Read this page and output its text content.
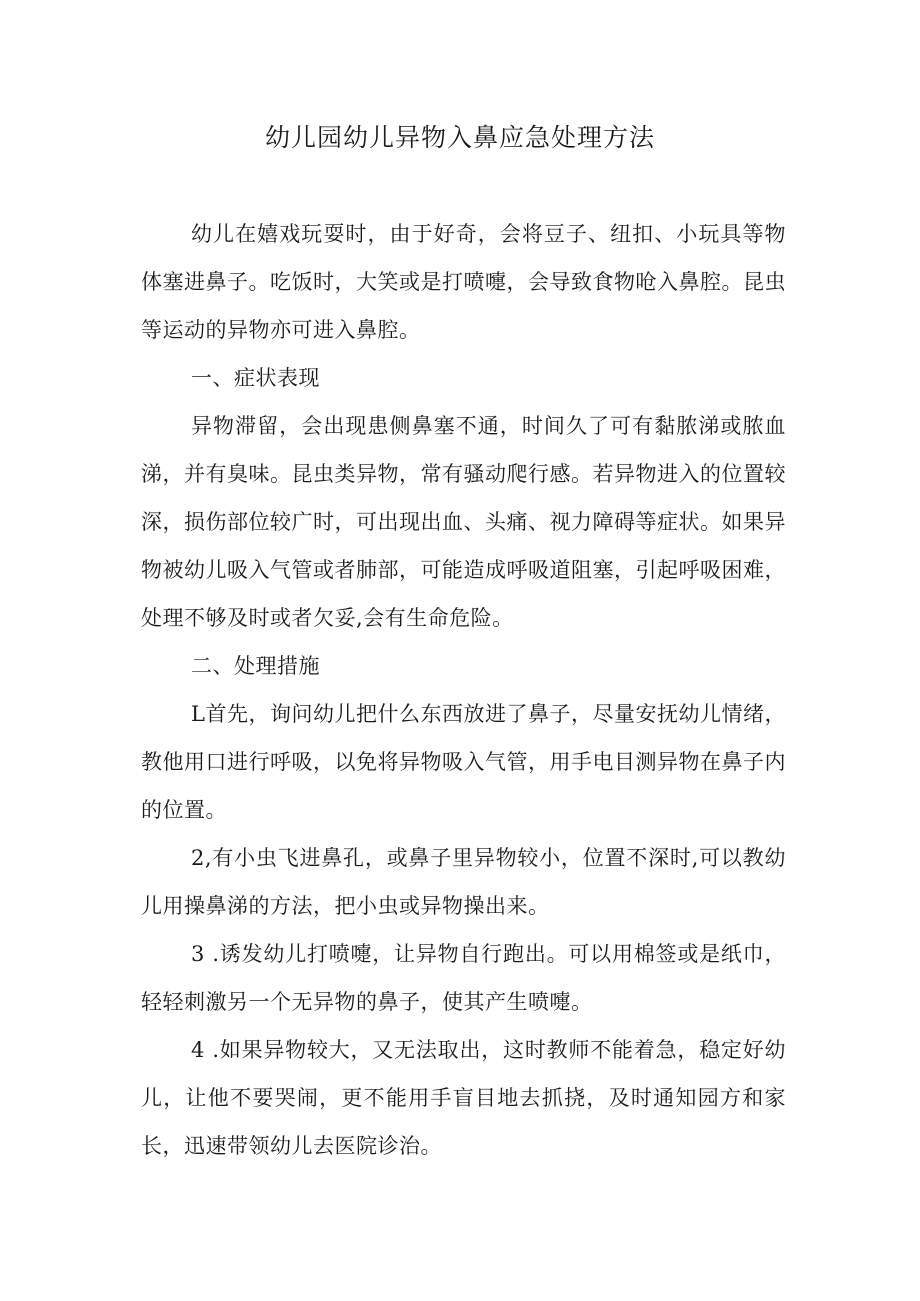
幼儿园幼儿异物入鼻应急处理方法

幼儿在嬉戏玩耍时，由于好奇，会将豆子、纽扣、小玩具等物体塞进鼻子。吃饭时，大笑或是打喷嚏，会导致食物呛入鼻腔。昆虫等运动的异物亦可进入鼻腔。

一、症状表现

异物滞留，会出现患侧鼻塞不通，时间久了可有黏脓涕或脓血涕，并有臭味。昆虫类异物，常有骚动爬行感。若异物进入的位置较深，损伤部位较广时，可出现出血、头痛、视力障碍等症状。如果异物被幼儿吸入气管或者肺部，可能造成呼吸道阻塞，引起呼吸困难，处理不够及时或者欠妥,会有生命危险。

二、处理措施

L首先，询问幼儿把什么东西放进了鼻子，尽量安抚幼儿情绪，教他用口进行呼吸，以免将异物吸入气管，用手电目测异物在鼻子内的位置。

2,有小虫飞进鼻孔，或鼻子里异物较小，位置不深时,可以教幼儿用操鼻涕的方法，把小虫或异物操出来。

3 .诱发幼儿打喷嚏，让异物自行跑出。可以用棉签或是纸巾，轻轻刺激另一个无异物的鼻子，使其产生喷嚏。

4 .如果异物较大，又无法取出，这时教师不能着急，稳定好幼儿，让他不要哭闹，更不能用手盲目地去抓挠，及时通知园方和家长，迅速带领幼儿去医院诊治。
